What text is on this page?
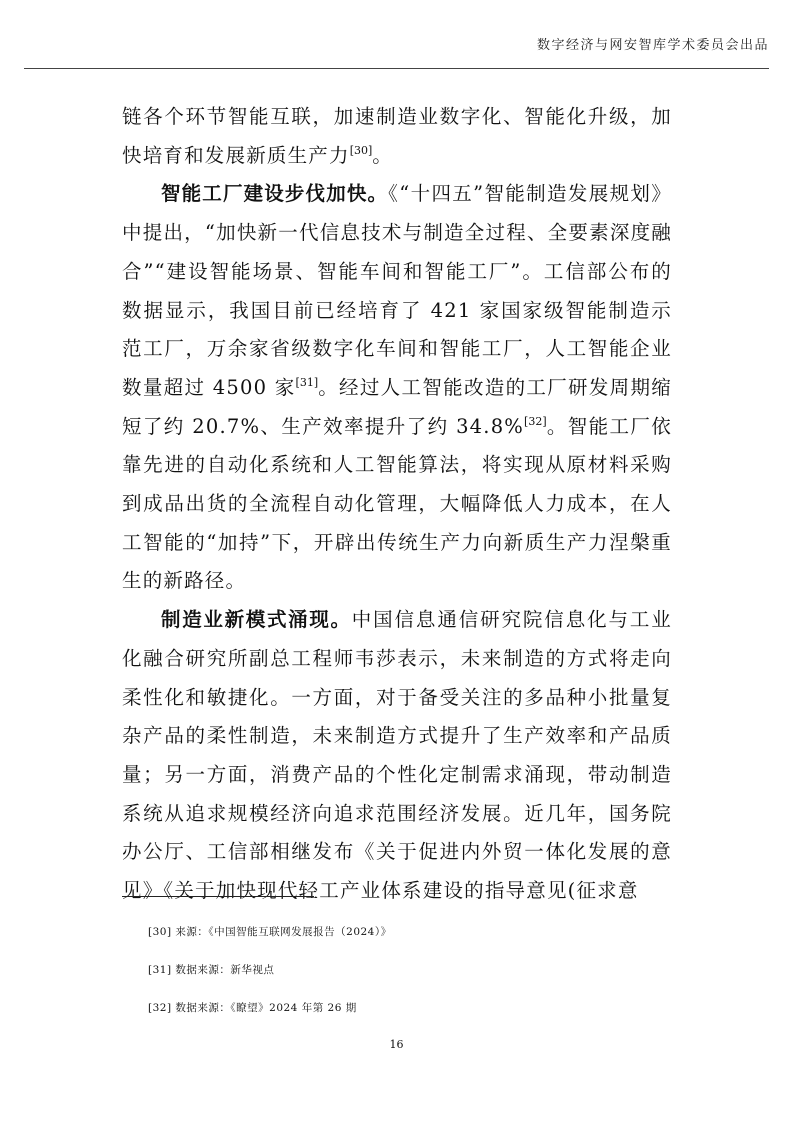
数字经济与网安智库学术委员会出品

链各个环节智能互联，加速制造业数字化、智能化升级，加快培育和发展新质生产力[30]。

智能工厂建设步伐加快。《“十四五”智能制造发展规划》中提出，“加快新一代信息技术与制造全过程、全要素深度融合”“建设智能场景、智能车间和智能工厂”。工信部公布的数据显示，我国目前已经培育了 421 家国家级智能制造示范工厂，万余家省级数字化车间和智能工厂，人工智能企业数量超过 4500 家[31]。经过人工智能改造的工厂研发周期缩短了约 20.7%、生产效率提升了约 34.8%[32]。智能工厂依靠先进的自动化系统和人工智能算法，将实现从原材料采购到成品出货的全流程自动化管理，大幅降低人力成本，在人工智能的“加持”下，开辟出传统生产力向新质生产力涅槃重生的新路径。

制造业新模式涌现。中国信息通信研究院信息化与工业化融合研究所副总工程师韦莎表示，未来制造的方式将走向柔性化和敏捷化。一方面，对于备受关注的多品种小批量复杂产品的柔性制造，未来制造方式提升了生产效率和产品质量；另一方面，消费产品的个性化定制需求涌现，带动制造系统从追求规模经济向追求范围经济发展。近几年，国务院办公厅、工信部相继发布《关于促进内外贸一体化发展的意见》《关于加快现代轻工产业体系建设的指导意见(征求意

[30] 来源：《中国智能互联网发展报告（2024）》
[31] 数据来源：新华视点
[32] 数据来源：《瞭望》2024 年第 26 期
16
